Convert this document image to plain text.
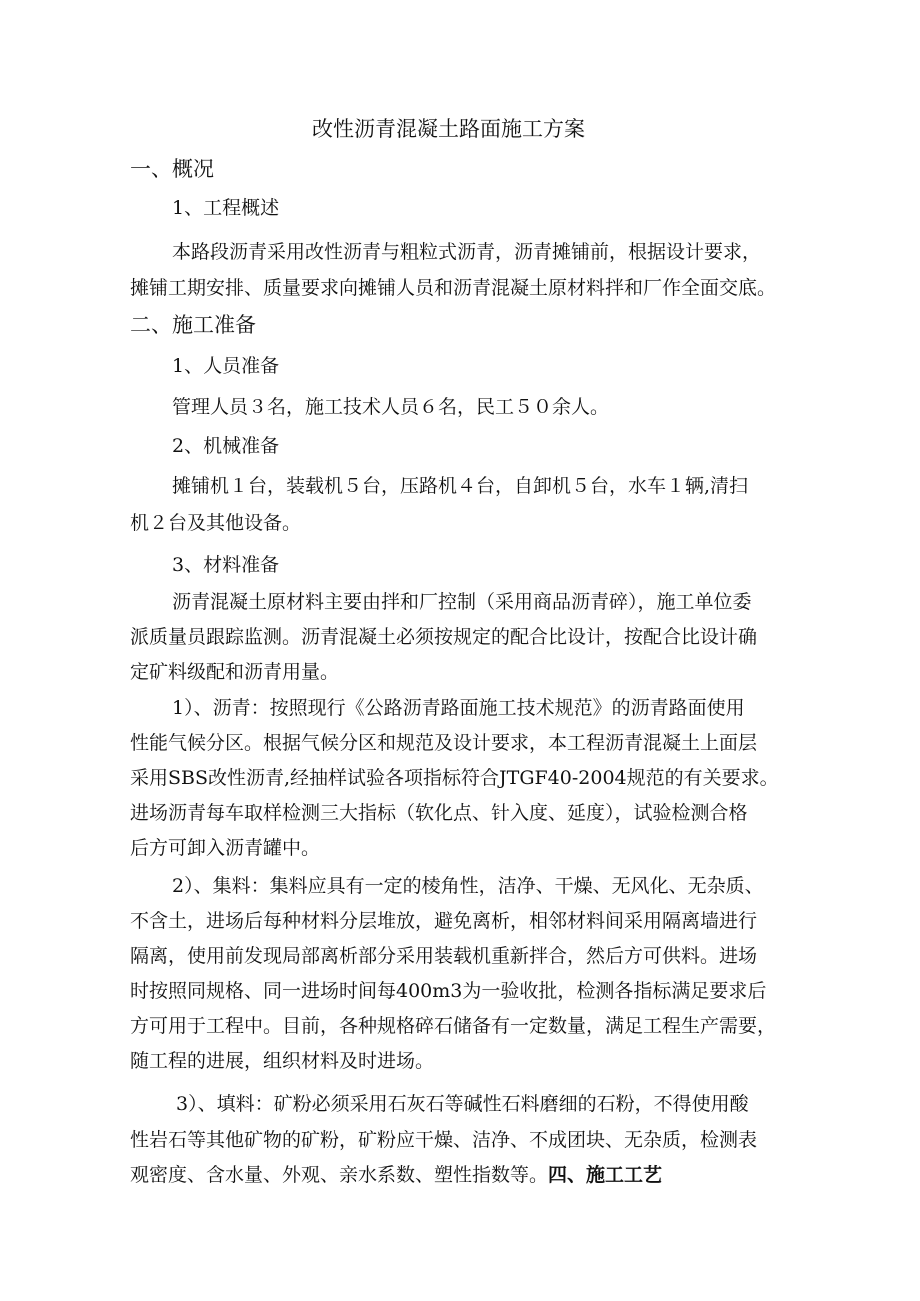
改性沥青混凝土路面施工方案
一、概况
1、工程概述
本路段沥青采用改性沥青与粗粒式沥青，沥青摊铺前，根据设计要求，
摊铺工期安排、质量要求向摊铺人员和沥青混凝土原材料拌和厂作全面交底。
二、施工准备
1、人员准备
管理人员３名，施工技术人员６名，民工５０余人。
2、机械准备
摊铺机１台，装载机５台，压路机４台，自卸机５台，水车１辆,清扫
机２台及其他设备。
3、材料准备
沥青混凝土原材料主要由拌和厂控制（采用商品沥青碎），施工单位委
派质量员跟踪监测。沥青混凝土必须按规定的配合比设计，按配合比设计确
定矿料级配和沥青用量。
1）、沥青：按照现行《公路沥青路面施工技术规范》的沥青路面使用
性能气候分区。根据气候分区和规范及设计要求，本工程沥青混凝土上面层
采用SBS改性沥青,经抽样试验各项指标符合JTGF40-2004规范的有关要求。
进场沥青每车取样检测三大指标（软化点、针入度、延度），试验检测合格
后方可卸入沥青罐中。
2）、集料：集料应具有一定的棱角性，洁净、干燥、无风化、无杂质、
不含土，进场后每种材料分层堆放，避免离析，相邻材料间采用隔离墙进行
隔离，使用前发现局部离析部分采用装载机重新拌合，然后方可供料。进场
时按照同规格、同一进场时间每400m3为一验收批，检测各指标满足要求后
方可用于工程中。目前，各种规格碎石储备有一定数量，满足工程生产需要，
随工程的进展，组织材料及时进场。
3）、填料：矿粉必须采用石灰石等碱性石料磨细的石粉，不得使用酸
性岩石等其他矿物的矿粉，矿粉应干燥、洁净、不成团块、无杂质，检测表
观密度、含水量、外观、亲水系数、塑性指数等。四、施工工艺
